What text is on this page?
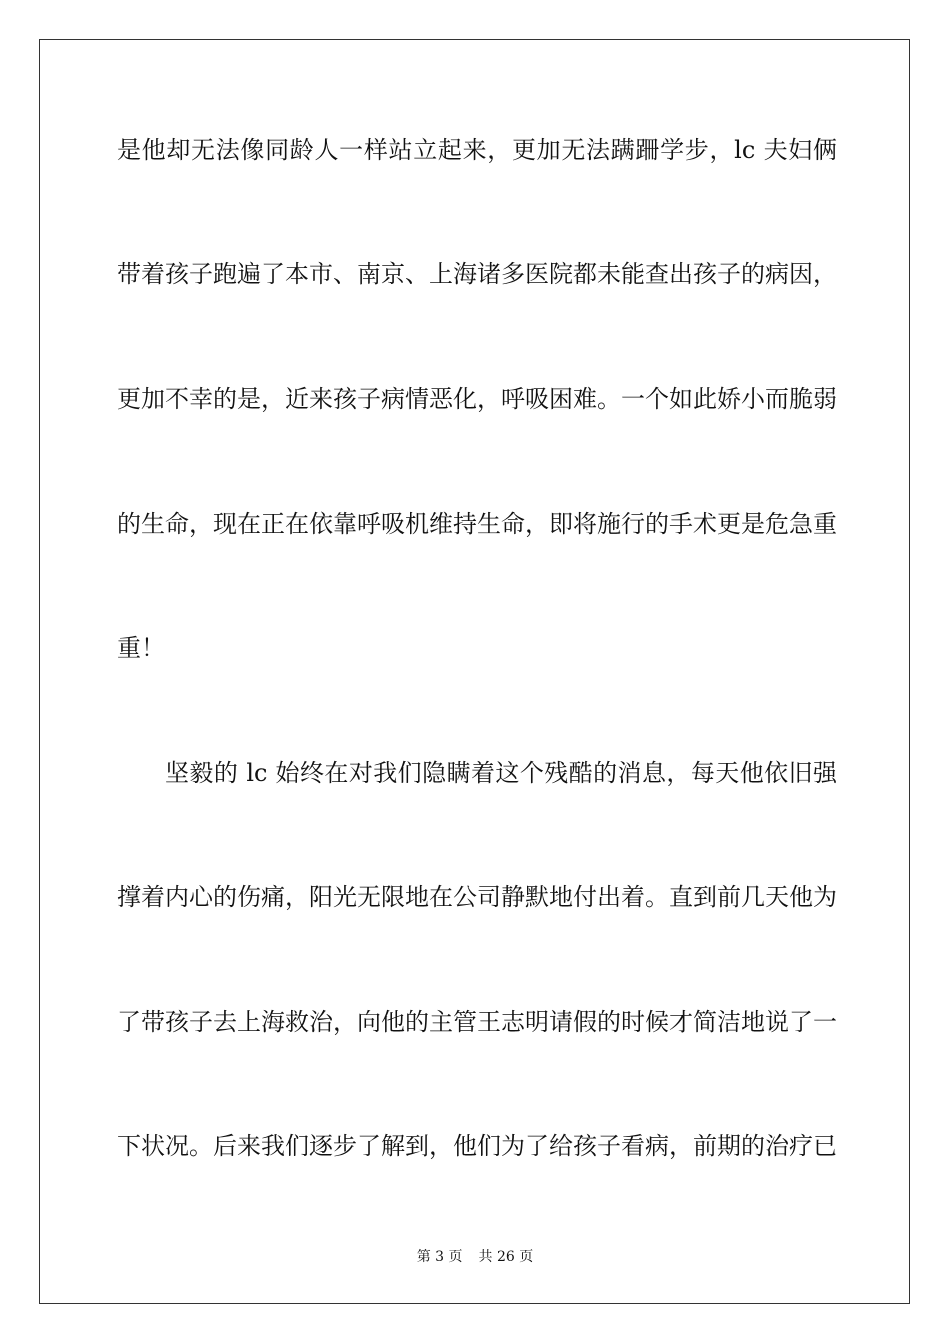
是他却无法像同龄人一样站立起来，更加无法蹒跚学步，lc 夫妇俩
带着孩子跑遍了本市、南京、上海诸多医院都未能查出孩子的病因，
更加不幸的是，近来孩子病情恶化，呼吸困难。一个如此娇小而脆弱
的生命，现在正在依靠呼吸机维持生命，即将施行的手术更是危急重
重！
坚毅的 lc 始终在对我们隐瞒着这个残酷的消息，每天他依旧强
撑着内心的伤痛，阳光无限地在公司静默地付出着。直到前几天他为
了带孩子去上海救治，向他的主管王志明请假的时候才简洁地说了一
下状况。后来我们逐步了解到，他们为了给孩子看病，前期的治疗已
第 3 页 共 26 页
